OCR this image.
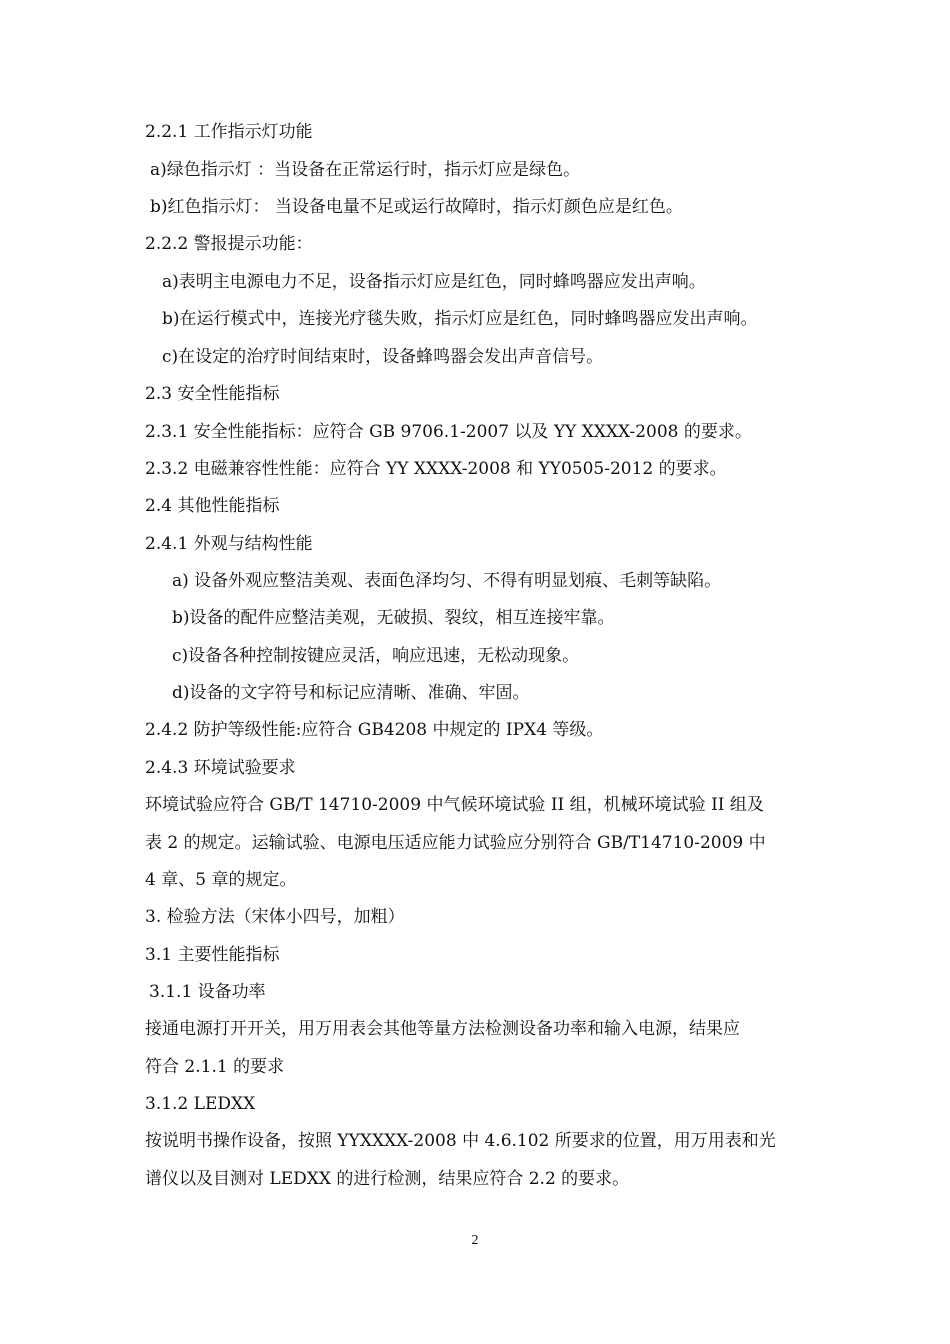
2.2.1 工作指示灯功能
a)绿色指示灯 ：当设备在正常运行时，指示灯应是绿色。
b)红色指示灯： 当设备电量不足或运行故障时，指示灯颜色应是红色。
2.2.2 警报提示功能：
a)表明主电源电力不足，设备指示灯应是红色，同时蜂鸣器应发出声响。
b)在运行模式中，连接光疗毯失败，指示灯应是红色，同时蜂鸣器应发出声响。
c)在设定的治疗时间结束时，设备蜂鸣器会发出声音信号。
2.3 安全性能指标
2.3.1 安全性能指标：应符合 GB 9706.1-2007 以及 YY XXXX-2008 的要求。
2.3.2 电磁兼容性性能：应符合 YY XXXX-2008 和 YY0505-2012 的要求。
2.4 其他性能指标
2.4.1 外观与结构性能
a) 设备外观应整洁美观、表面色泽均匀、不得有明显划痕、毛刺等缺陷。
b)设备的配件应整洁美观，无破损、裂纹，相互连接牢靠。
c)设备各种控制按键应灵活，响应迅速，无松动现象。
d)设备的文字符号和标记应清晰、准确、牢固。
2.4.2 防护等级性能:应符合 GB4208 中规定的 IPX4 等级。
2.4.3 环境试验要求
环境试验应符合 GB/T 14710-2009 中气候环境试验 II 组，机械环境试验 II 组及
表 2 的规定。运输试验、电源电压适应能力试验应分别符合 GB/T14710-2009 中
4 章、5 章的规定。
3. 检验方法（宋体小四号，加粗）
3.1 主要性能指标
3.1.1 设备功率
接通电源打开开关，用万用表会其他等量方法检测设备功率和输入电源，结果应
符合 2.1.1 的要求
3.1.2 LEDXX
按说明书操作设备，按照 YYXXXX-2008 中 4.6.102 所要求的位置，用万用表和光
谱仪以及目测对 LEDXX 的进行检测，结果应符合 2.2 的要求。
2
